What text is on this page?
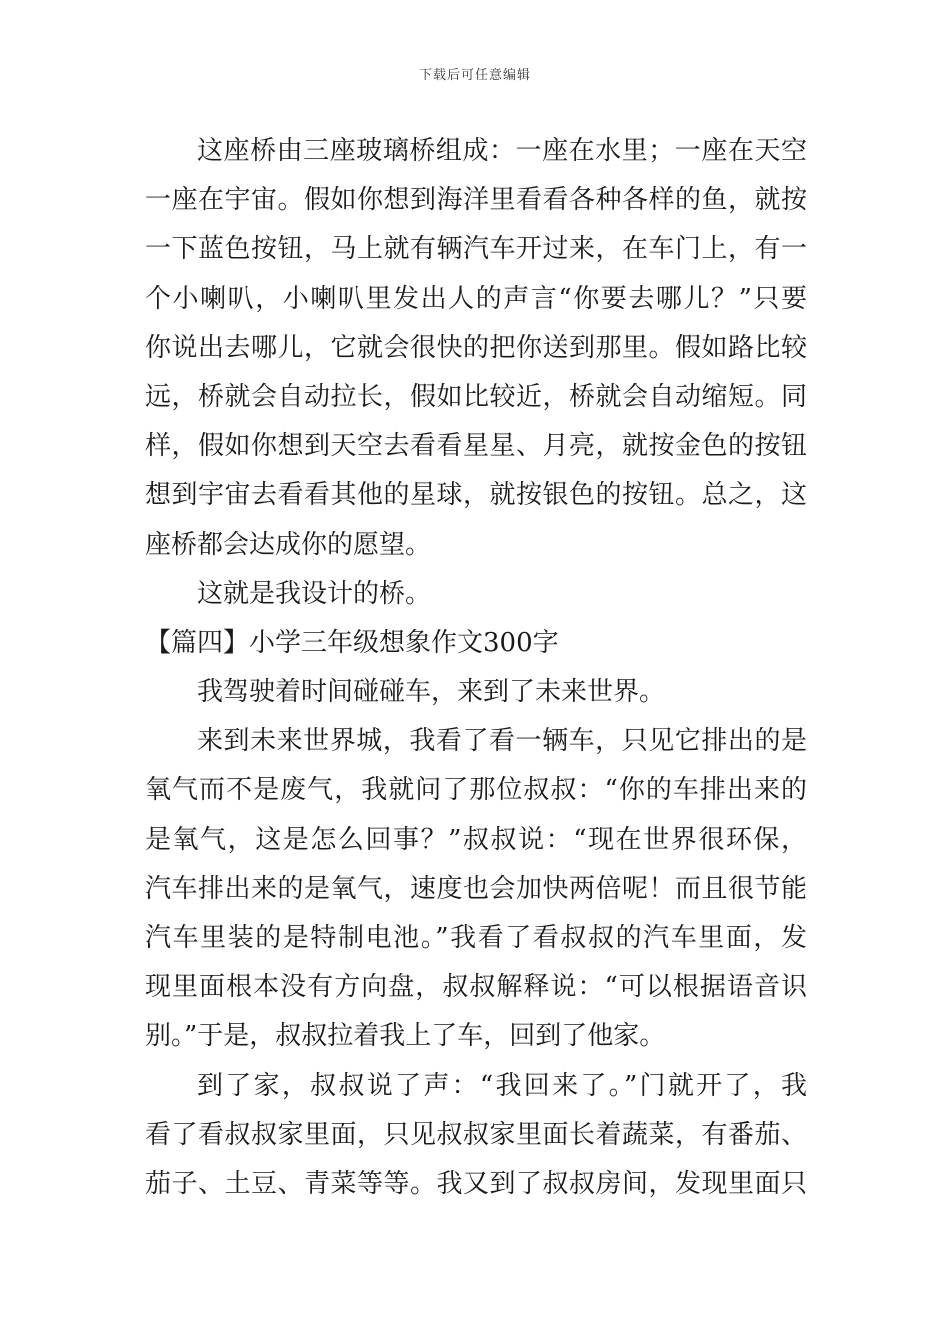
下载后可任意编辑
这座桥由三座玻璃桥组成：一座在水里；一座在天空
一座在宇宙。假如你想到海洋里看看各种各样的鱼，就按
一下蓝色按钮，马上就有辆汽车开过来，在车门上，有一
个小喇叭，小喇叭里发出人的声言“你要去哪儿？”只要
你说出去哪儿，它就会很快的把你送到那里。假如路比较
远，桥就会自动拉长，假如比较近，桥就会自动缩短。同
样，假如你想到天空去看看星星、月亮，就按金色的按钮
想到宇宙去看看其他的星球，就按银色的按钮。总之，这
座桥都会达成你的愿望。
这就是我设计的桥。
【篇四】小学三年级想象作文300字
我驾驶着时间碰碰车，来到了未来世界。
来到未来世界城，我看了看一辆车，只见它排出的是
氧气而不是废气，我就问了那位叔叔：“你的车排出来的
是氧气，这是怎么回事？”叔叔说：“现在世界很环保，
汽车排出来的是氧气，速度也会加快两倍呢！而且很节能
汽车里装的是特制电池。”我看了看叔叔的汽车里面，发
现里面根本没有方向盘，叔叔解释说：“可以根据语音识
别。”于是，叔叔拉着我上了车，回到了他家。
到了家，叔叔说了声：“我回来了。”门就开了，我
看了看叔叔家里面，只见叔叔家里面长着蔬菜，有番茄、
茄子、土豆、青菜等等。我又到了叔叔房间，发现里面只
